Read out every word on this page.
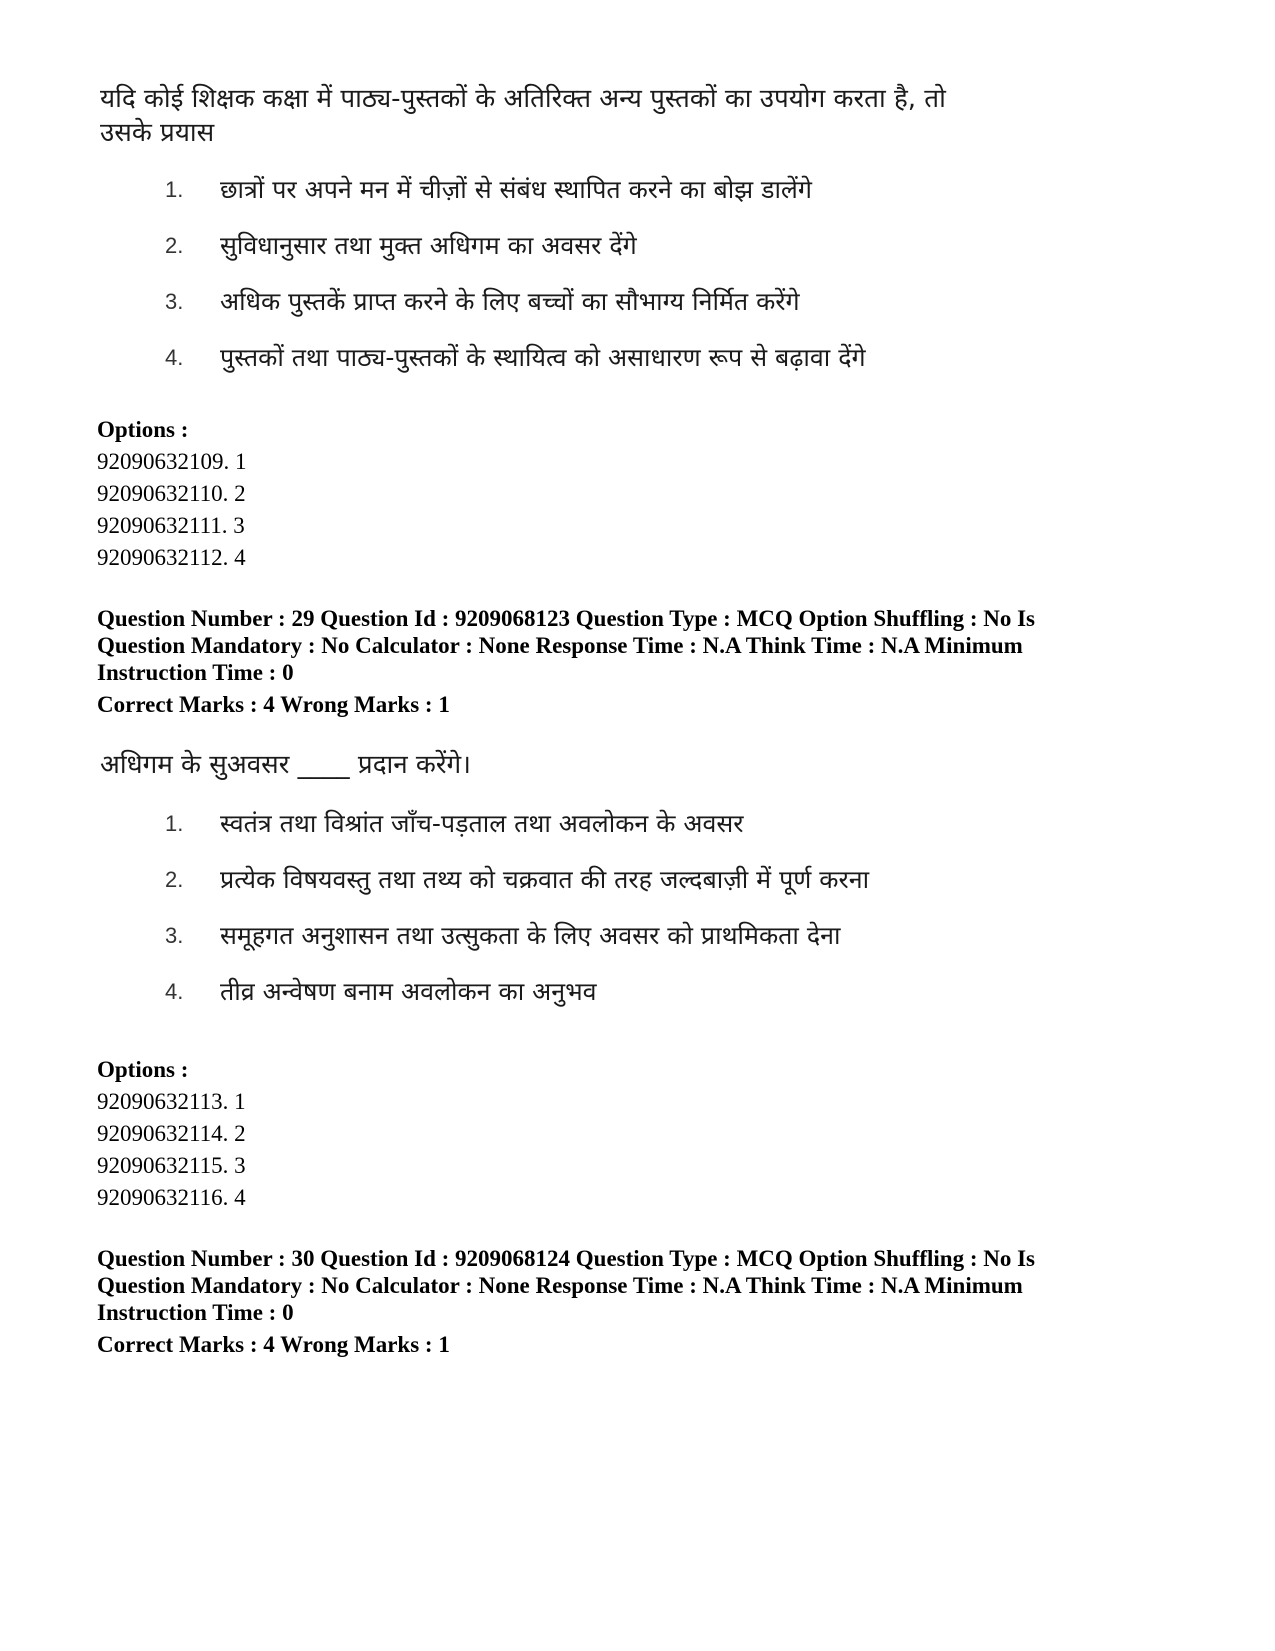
यदि कोई शिक्षक कक्षा में पाठ्य-पुस्तकों के अतिरिक्त अन्य पुस्तकों का उपयोग करता है, तो उसके प्रयास

1.	छात्रों पर अपने मन में चीज़ों से संबंध स्थापित करने का बोझ डालेंगे
2.	सुविधानुसार तथा मुक्त अधिगम का अवसर देंगे
3.	अधिक पुस्तकें प्राप्त करने के लिए बच्चों का सौभाग्य निर्मित करेंगे
4.	पुस्तकों तथा पाठ्य-पुस्तकों के स्थायित्व को असाधारण रूप से बढ़ावा देंगे
Options :
92090632109. 1
92090632110. 2
92090632111. 3
92090632112. 4
Question Number : 29 Question Id : 9209068123 Question Type : MCQ Option Shuffling : No Is Question Mandatory : No Calculator : None Response Time : N.A Think Time : N.A Minimum Instruction Time : 0
Correct Marks : 4 Wrong Marks : 1

अधिगम के सुअवसर ____ प्रदान करेंगे।

1.	स्वतंत्र तथा विश्रांत जाँच-पड़ताल तथा अवलोकन के अवसर
2.	प्रत्येक विषयवस्तु तथा तथ्य को चक्रवात की तरह जल्दबाज़ी में पूर्ण करना
3.	समूहगत अनुशासन तथा उत्सुकता के लिए अवसर को प्राथमिकता देना
4.	तीव्र अन्वेषण बनाम अवलोकन का अनुभव
Options :
92090632113. 1
92090632114. 2
92090632115. 3
92090632116. 4
Question Number : 30 Question Id : 9209068124 Question Type : MCQ Option Shuffling : No Is Question Mandatory : No Calculator : None Response Time : N.A Think Time : N.A Minimum Instruction Time : 0
Correct Marks : 4 Wrong Marks : 1
